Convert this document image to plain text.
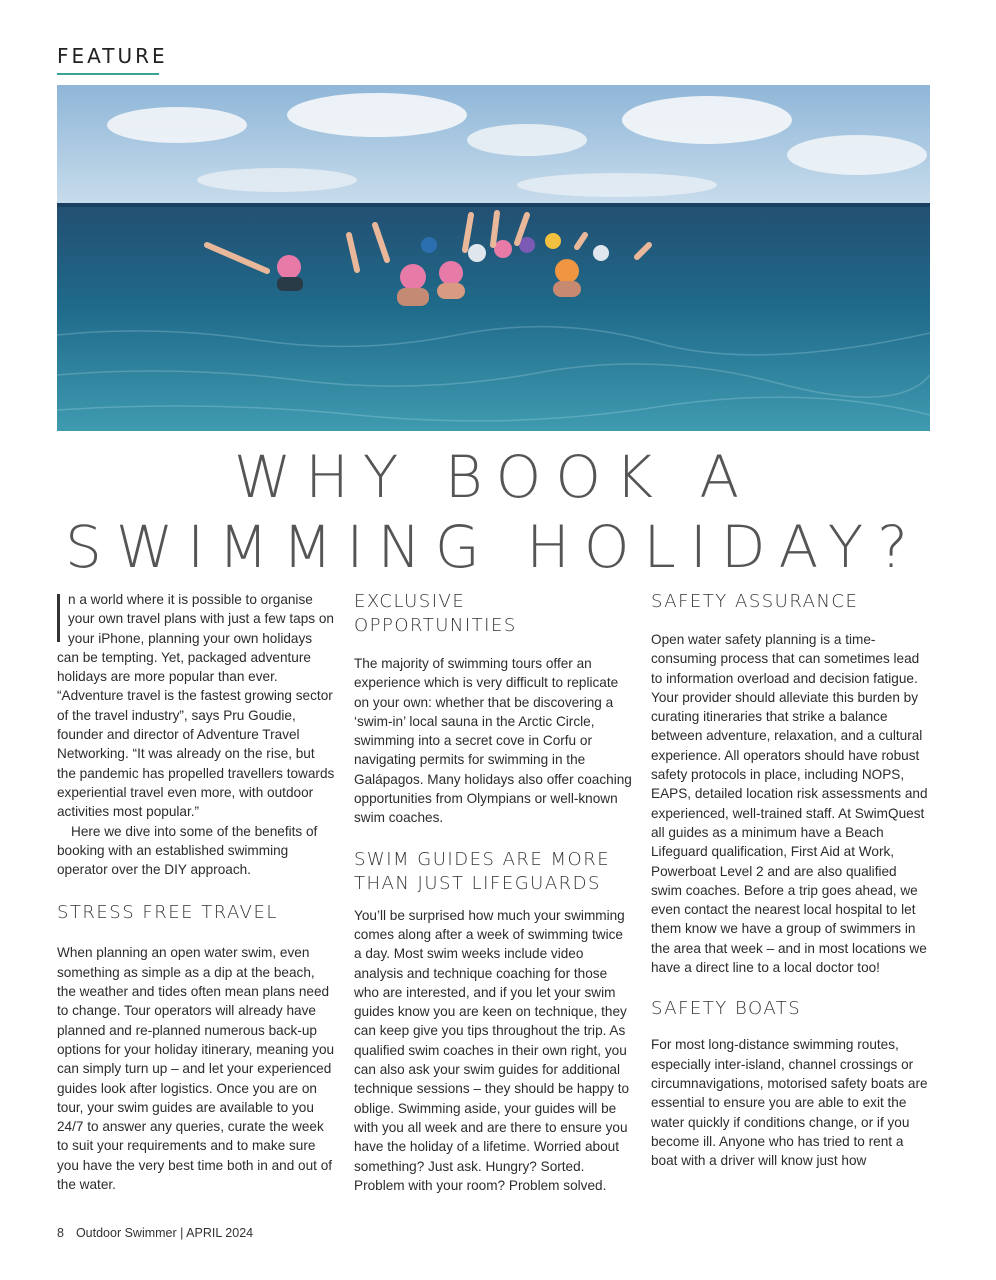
FEATURE
WHY BOOK A
SWIMMING HOLIDAY?

n a world where it is possible to organise your own travel plans with just a few taps on your iPhone, planning your own holidays can be tempting. Yet, packaged adventure holidays are more popular than ever. “Adventure travel is the fastest growing sector of the travel industry”, says Pru Goudie, founder and director of Adventure Travel Networking. “It was already on the rise, but the pandemic has propelled travellers towards experiential travel even more, with outdoor activities most popular.”

Here we dive into some of the benefits of booking with an established swimming operator over the DIY approach.

STRESS FREE TRAVEL

When planning an open water swim, even something as simple as a dip at the beach, the weather and tides often mean plans need to change. Tour operators will already have planned and re-planned numerous back-up options for your holiday itinerary, meaning you can simply turn up – and let your experienced guides look after logistics. Once you are on tour, your swim guides are available to you 24/7 to answer any queries, curate the week to suit your requirements and to make sure you have the very best time both in and out of the water.

EXCLUSIVE OPPORTUNITIES

The majority of swimming tours offer an experience which is very difficult to replicate on your own: whether that be discovering a ‘swim-in’ local sauna in the Arctic Circle, swimming into a secret cove in Corfu or navigating permits for swimming in the Galápagos. Many holidays also offer coaching opportunities from Olympians or well-known swim coaches.

SWIM GUIDES ARE MORE THAN JUST LIFEGUARDS

You’ll be surprised how much your swimming comes along after a week of swimming twice a day. Most swim weeks include video analysis and technique coaching for those who are interested, and if you let your swim guides know you are keen on technique, they can keep give you tips throughout the trip. As qualified swim coaches in their own right, you can also ask your swim guides for additional technique sessions – they should be happy to oblige. Swimming aside, your guides will be with you all week and are there to ensure you have the holiday of a lifetime. Worried about something? Just ask. Hungry? Sorted. Problem with your room? Problem solved.

SAFETY ASSURANCE

Open water safety planning is a time-consuming process that can sometimes lead to information overload and decision fatigue. Your provider should alleviate this burden by curating itineraries that strike a balance between adventure, relaxation, and a cultural experience. All operators should have robust safety protocols in place, including NOPS, EAPS, detailed location risk assessments and experienced, well-trained staff. At SwimQuest all guides as a minimum have a Beach Lifeguard qualification, First Aid at Work, Powerboat Level 2 and are also qualified swim coaches. Before a trip goes ahead, we even contact the nearest local hospital to let them know we have a group of swimmers in the area that week – and in most locations we have a direct line to a local doctor too!

SAFETY BOATS

For most long-distance swimming routes, especially inter-island, channel crossings or circumnavigations, motorised safety boats are essential to ensure you are able to exit the water quickly if conditions change, or if you become ill. Anyone who has tried to rent a boat with a driver will know just how

8 Outdoor Swimmer | APRIL 2024
